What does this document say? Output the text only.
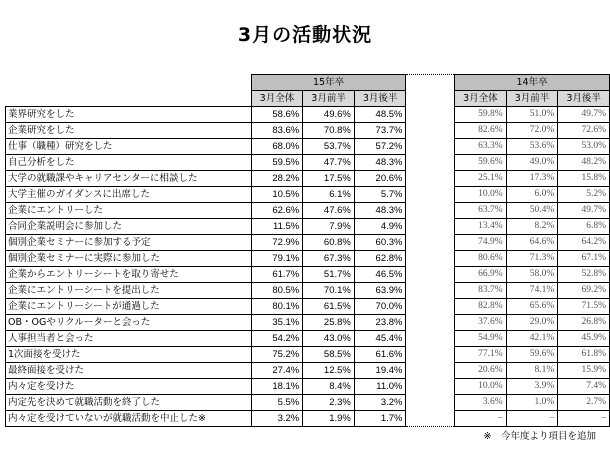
3月の活動状況
	15年卒				14年卒		
	3月全体	3月前半	3月後半		3月全体	3月前半	3月後半
業界研究をした	58.6%	49.6%	48.5%		59.8%	51.0%	49.7%
企業研究をした	83.6%	70.8%	73.7%		82.6%	72.0%	72.6%
仕事（職種）研究をした	68.0%	53.7%	57.2%		63.3%	53.6%	53.0%
自己分析をした	59.5%	47.7%	48.3%		59.6%	49.0%	48.2%
大学の就職課やキャリアセンターに相談した	28.2%	17.5%	20.6%		25.1%	17.3%	15.8%
大学主催のガイダンスに出席した	10.5%	6.1%	5.7%		10.0%	6.0%	5.2%
企業にエントリーした	62.6%	47.6%	48.3%		63.7%	50.4%	49.7%
合同企業説明会に参加した	11.5%	7.9%	4.9%		13.4%	8.2%	6.8%
個別企業セミナーに参加する予定	72.9%	60.8%	60.3%		74.9%	64.6%	64.2%
個別企業セミナーに実際に参加した	79.1%	67.3%	62.8%		80.6%	71.3%	67.1%
企業からエントリーシートを取り寄せた	61.7%	51.7%	46.5%		66.9%	58.0%	52.8%
企業にエントリーシートを提出した	80.5%	70.1%	63.9%		83.7%	74.1%	69.2%
企業にエントリーシートが通過した	80.1%	61.5%	70.0%		82.8%	65.6%	71.5%
OB・OGやリクルーターと会った	35.1%	25.8%	23.8%		37.6%	29.0%	26.8%
人事担当者と会った	54.2%	43.0%	45.4%		54.9%	42.1%	45.9%
1次面接を受けた	75.2%	58.5%	61.6%		77.1%	59.6%	61.8%
最終面接を受けた	27.4%	12.5%	19.4%		20.6%	8.1%	15.9%
内々定を受けた	18.1%	8.4%	11.0%		10.0%	3.9%	7.4%
内定先を決めて就職活動を終了した	5.5%	2.3%	3.2%		3.6%	1.0%	2.7%
内々定を受けていないが就職活動を中止した※	3.2%	1.9%	1.7%		–	–	–
※　今年度より項目を追加
